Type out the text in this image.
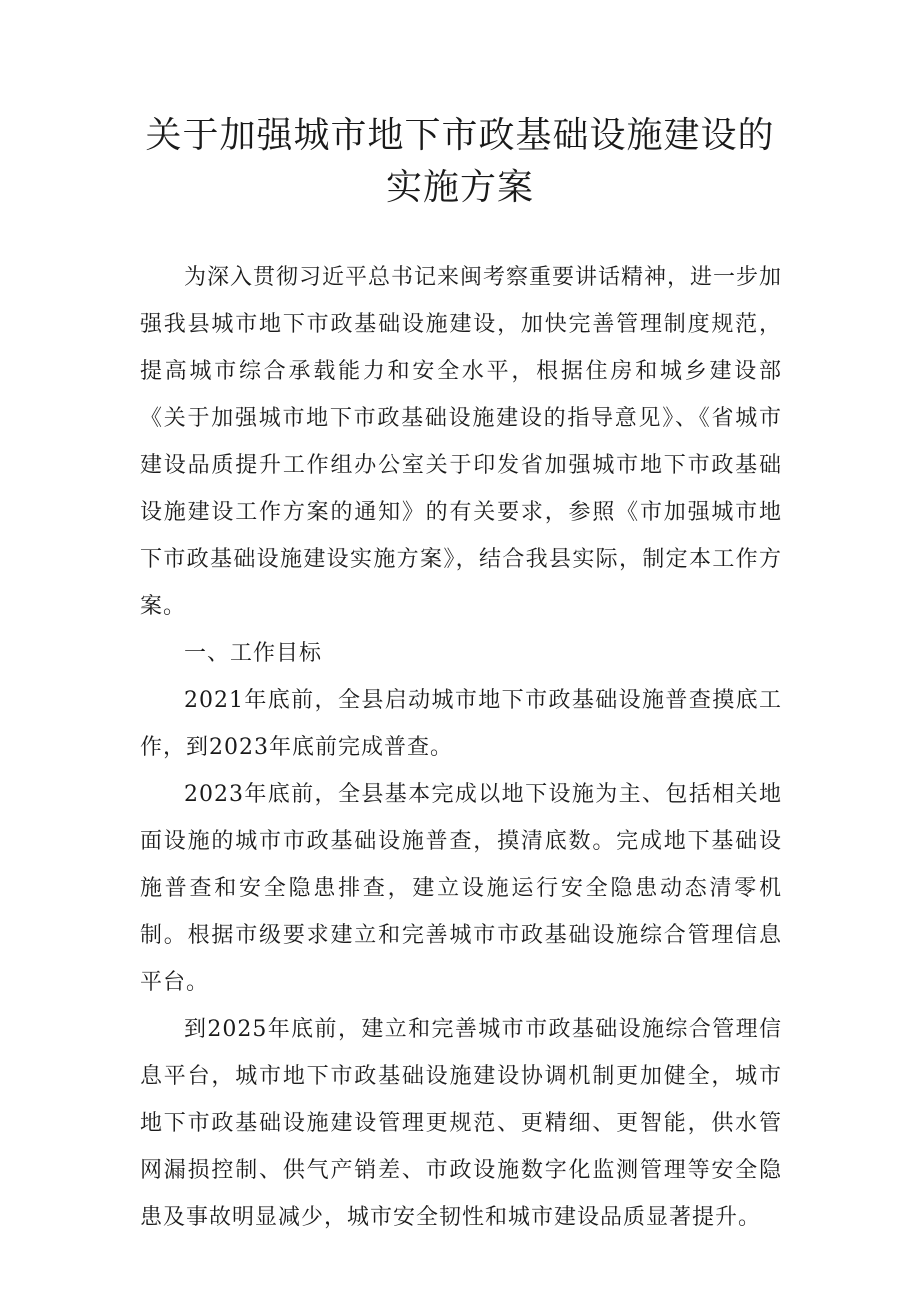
关于加强城市地下市政基础设施建设的实施方案

为深入贯彻习近平总书记来闽考察重要讲话精神，进一步加强我县城市地下市政基础设施建设，加快完善管理制度规范，提高城市综合承载能力和安全水平，根据住房和城乡建设部《关于加强城市地下市政基础设施建设的指导意见》、《省城市建设品质提升工作组办公室关于印发省加强城市地下市政基础设施建设工作方案的通知》的有关要求，参照《市加强城市地下市政基础设施建设实施方案》，结合我县实际，制定本工作方案。

一、工作目标

2021年底前，全县启动城市地下市政基础设施普查摸底工作，到2023年底前完成普查。

2023年底前，全县基本完成以地下设施为主、包括相关地面设施的城市市政基础设施普查，摸清底数。完成地下基础设施普查和安全隐患排查，建立设施运行安全隐患动态清零机制。根据市级要求建立和完善城市市政基础设施综合管理信息平台。

到2025年底前，建立和完善城市市政基础设施综合管理信息平台，城市地下市政基础设施建设协调机制更加健全，城市地下市政基础设施建设管理更规范、更精细、更智能，供水管网漏损控制、供气产销差、市政设施数字化监测管理等安全隐患及事故明显减少，城市安全韧性和城市建设品质显著提升。
